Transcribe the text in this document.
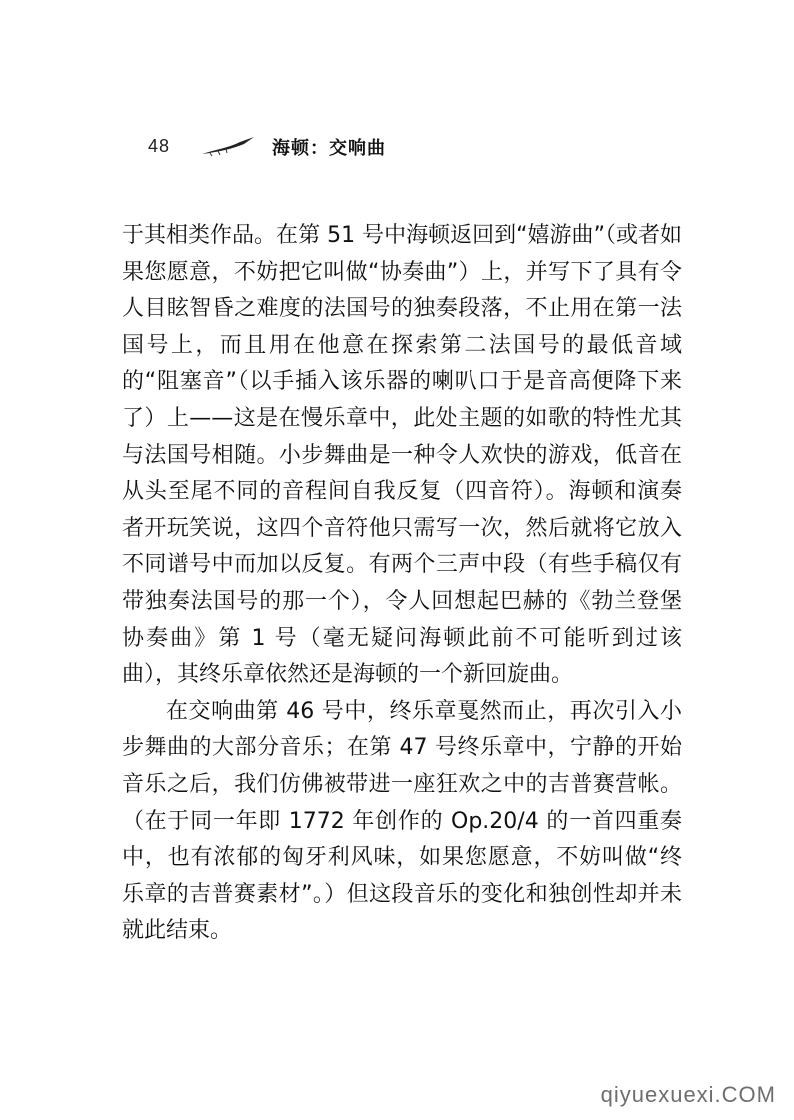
48	海顿：交响曲

于其相类作品。在第 51 号中海顿返回到“嬉游曲”（或者如果您愿意，不妨把它叫做“协奏曲”）上，并写下了具有令人目眩智昏之难度的法国号的独奏段落，不止用在第一法国号上，而且用在他意在探索第二法国号的最低音域的“阻塞音”（以手插入该乐器的喇叭口于是音高便降下来了）上——这是在慢乐章中，此处主题的如歌的特性尤其与法国号相随。小步舞曲是一种令人欢快的游戏，低音在从头至尾不同的音程间自我反复（四音符）。海顿和演奏者开玩笑说，这四个音符他只需写一次，然后就将它放入不同谱号中而加以反复。有两个三声中段（有些手稿仅有带独奏法国号的那一个），令人回想起巴赫的《勃兰登堡协奏曲》第 1 号（毫无疑问海顿此前不可能听到过该曲），其终乐章依然还是海顿的一个新回旋曲。

在交响曲第 46 号中，终乐章戛然而止，再次引入小步舞曲的大部分音乐；在第 47 号终乐章中，宁静的开始音乐之后，我们仿佛被带进一座狂欢之中的吉普赛营帐。（在于同一年即 1772 年创作的 Op.20/4 的一首四重奏中，也有浓郁的匈牙利风味，如果您愿意，不妨叫做“终乐章的吉普赛素材”。）但这段音乐的变化和独创性却并未就此结束。

qiyuexuexi.COM
